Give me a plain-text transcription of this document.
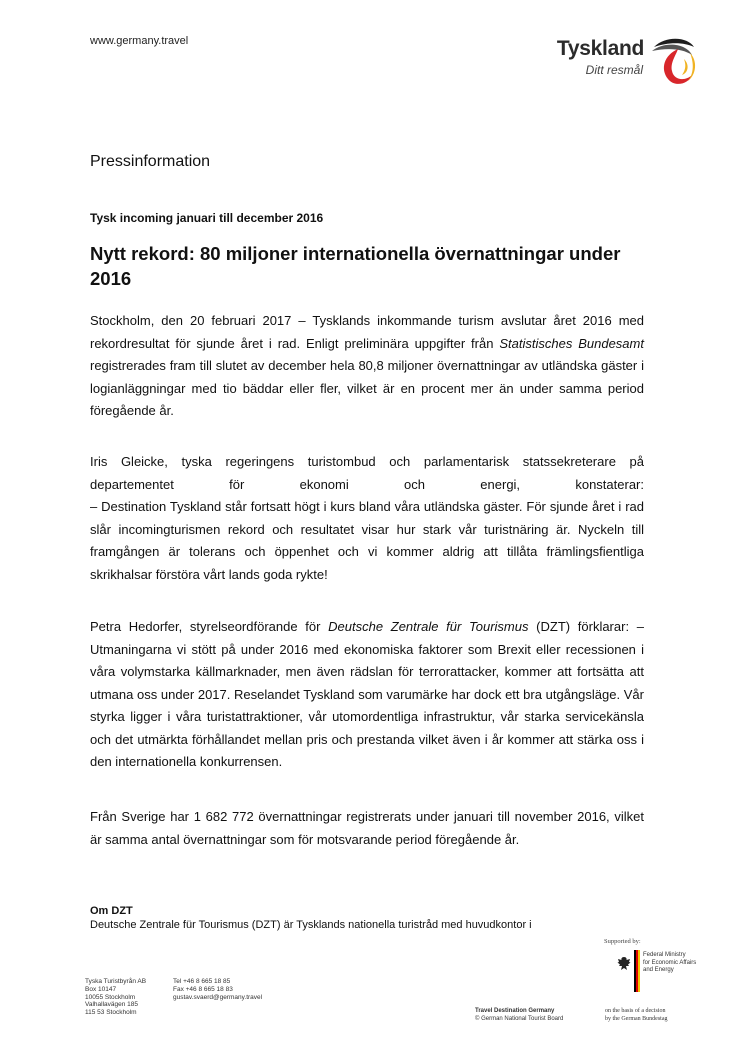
www.germany.travel	Tyskland
Ditt resmål
Pressinformation
Tysk incoming januari till december 2016
Nytt rekord: 80 miljoner internationella övernattningar under 2016
Stockholm, den 20 februari 2017 – Tysklands inkommande turism avslutar året 2016 med rekordresultat för sjunde året i rad. Enligt preliminära uppgifter från Statistisches Bundesamt registrerades fram till slutet av december hela 80,8 miljoner övernattningar av utländska gäster i logianläggningar med tio bäddar eller fler, vilket är en procent mer än under samma period föregående år.
Iris Gleicke, tyska regeringens turistombud och parlamentarisk statssekreterare på departementet för ekonomi och energi, konstaterar:
– Destination Tyskland står fortsatt högt i kurs bland våra utländska gäster. För sjunde året i rad slår incomingturismen rekord och resultatet visar hur stark vår turistnäring är. Nyckeln till framgången är tolerans och öppenhet och vi kommer aldrig att tillåta främlingsfientliga skrikhalsar förstöra vårt lands goda rykte!
Petra Hedorfer, styrelseordförande för Deutsche Zentrale für Tourismus (DZT) förklarar: – Utmaningarna vi stött på under 2016 med ekonomiska faktorer som Brexit eller recessionen i våra volymstarka källmarknader, men även rädslan för terrorattacker, kommer att fortsätta att utmana oss under 2017. Reselandet Tyskland som varumärke har dock ett bra utgångsläge. Vår styrka ligger i våra turistattraktioner, vår utomordentliga infrastruktur, vår starka servicekänsla och det utmärkta förhållandet mellan pris och prestanda vilket även i år kommer att stärka oss i den internationella konkurrensen.
Från Sverige har 1 682 772 övernattningar registrerats under januari till november 2016, vilket är samma antal övernattningar som för motsvarande period föregående år.
Om DZT
Deutsche Zentrale für Tourismus (DZT) är Tysklands nationella turistråd med huvudkontor i
Supported by:
Federal Ministry
for Economic Affairs
and Energy
Tyska Turistbyrån AB
Box 10147
10055 Stockholm
Valhallavägen 185
115 53 Stockholm
Tel +46 8 665 18 85
Fax +46 8 665 18 83
gustav.svaerd@germany.travel
Travel Destination Germany
© German National Tourist Board
on the basis of a decision
by the German Bundestag
